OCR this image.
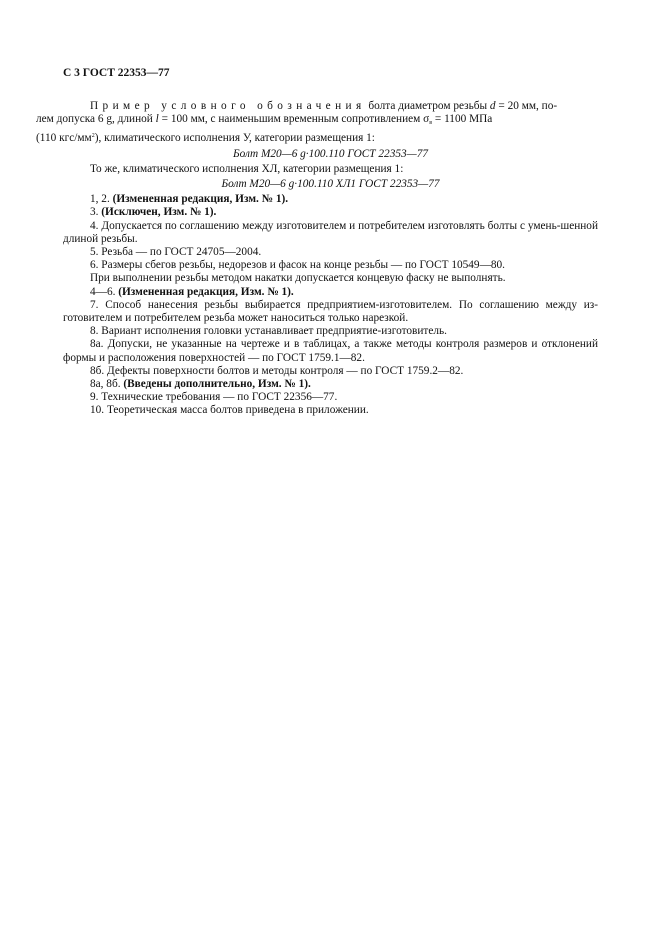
С 3 ГОСТ 22353—77

Пример условного обозначения болта диаметром резьбы d = 20 мм, по-
лем допуска 6 g, длиной l = 100 мм, с наименьшим временным сопротивлением $\sigma_в = 1100$ МПа
(110 кгс/$мм^2$), климатического исполнения У, категории размещения 1:

Болт М20—6 g·100.110 ГОСТ 22353—77

То же, климатического исполнения ХЛ, категории размещения 1:

Болт М20—6 g·100.110 ХЛ1 ГОСТ 22353—77

1, 2. (Измененная редакция, Изм. № 1).

3. (Исключен, Изм. № 1).

4. Допускается по соглашению между изготовителем и потребителем изготовлять болты с умень-шенной длиной резьбы.

5. Резьба — по ГОСТ 24705—2004.

6. Размеры сбегов резьбы, недорезов и фасок на конце резьбы — по ГОСТ 10549—80.

При выполнении резьбы методом накатки допускается концевую фаску не выполнять.

4—6. (Измененная редакция, Изм. № 1).

7. Способ нанесения резьбы выбирается предприятием-изготовителем. По соглашению между из-готовителем и потребителем резьба может наноситься только нарезкой.

8. Вариант исполнения головки устанавливает предприятие-изготовитель.

8а. Допуски, не указанные на чертеже и в таблицах, а также методы контроля размеров и отклонений формы и расположения поверхностей — по ГОСТ 1759.1—82.

8б. Дефекты поверхности болтов и методы контроля — по ГОСТ 1759.2—82.

8а, 8б. (Введены дополнительно, Изм. № 1).

9. Технические требования — по ГОСТ 22356—77.

10. Теоретическая масса болтов приведена в приложении.
